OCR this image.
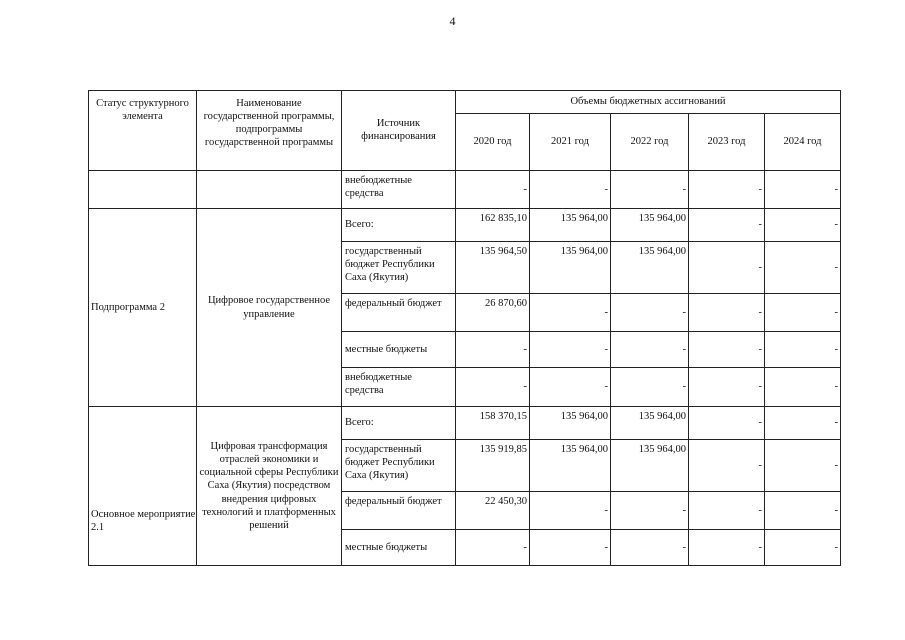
4
Статус структурного элемента	Наименование государственной программы, подпрограммы государственной программы	Источник финансирования	Объемы бюджетных ассигнований				
			2020 год	2021 год	2022 год	2023 год	2024 год
		внебюджетные средства	-	-	-	-	-
Подпрограмма 2	Цифровое государственное управление	Всего:	162 835,10	135 964,00	135 964,00	-	-
		государственный бюджет Республики Саха (Якутия)	135 964,50	135 964,00	135 964,00	-	-
		федеральный бюджет	26 870,60	-	-	-	-
		местные бюджеты	-	-	-	-	-
		внебюджетные средства	-	-	-	-	-
Основное мероприятие 2.1	Цифровая трансформация отраслей экономики и социальной сферы Республики Саха (Якутия) посредством внедрения цифровых технологий и платформенных решений	Всего:	158 370,15	135 964,00	135 964,00	-	-
		государственный бюджет Республики Саха (Якутия)	135 919,85	135 964,00	135 964,00	-	-
		федеральный бюджет	22 450,30	-	-	-	-
		местные бюджеты	-	-	-	-	-
